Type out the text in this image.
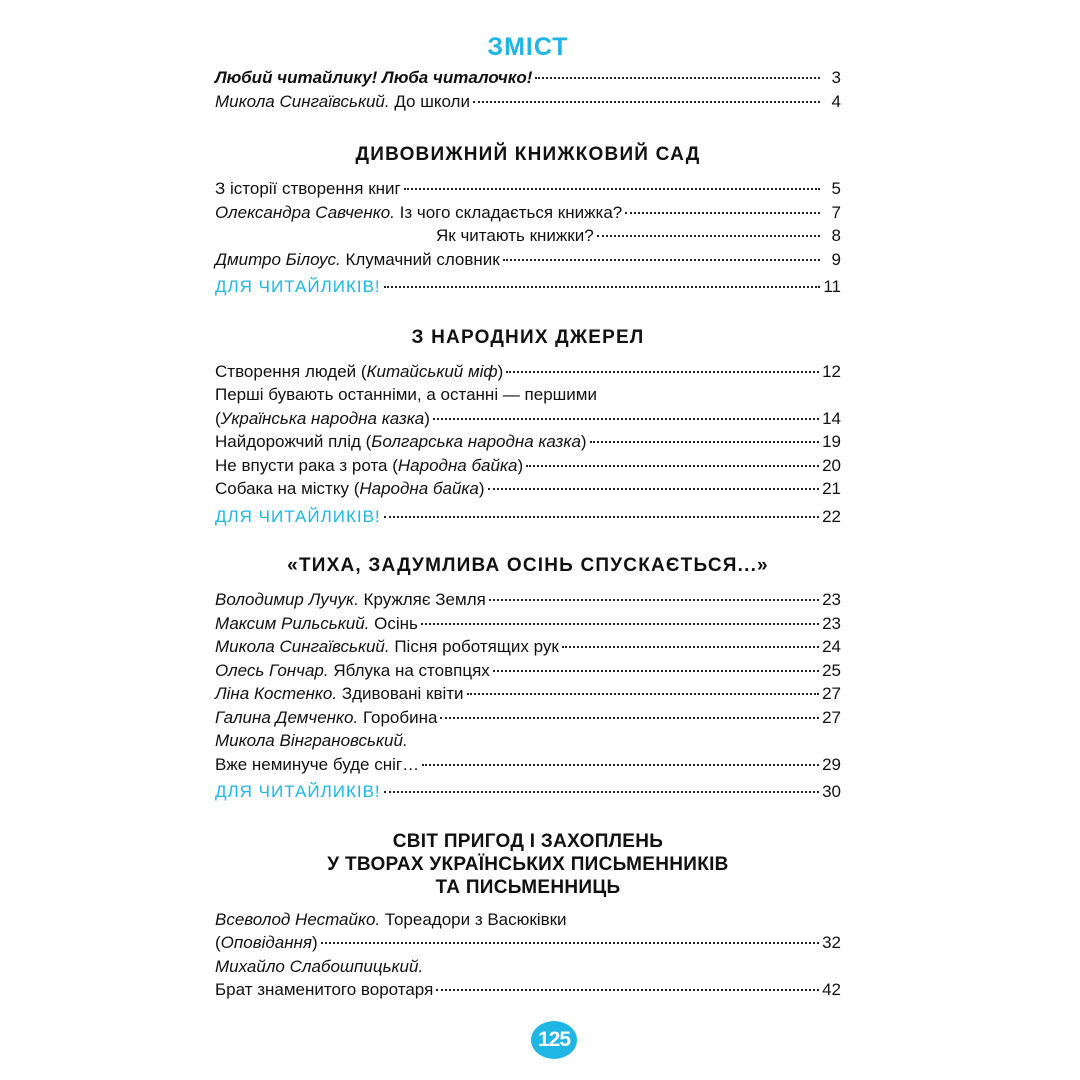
ЗМІСТ
Любий читайлику! Люба читалочко!	3
Микола Сингаївський. До школи	4
ДИВОВИЖНИЙ КНИЖКОВИЙ САД
З історії створення книг	5
Олександра Савченко. Із чого складається книжка?	7
Як читають книжки?	8
Дмитро Білоус. Клумачний словник	9
ДЛЯ ЧИТАЙЛИКІВ!	11
З НАРОДНИХ ДЖЕРЕЛ
Створення людей (Китайський міф)	12
Перші бувають останніми, а останні — першими
(Українська народна казка)	14
Найдорожчий плід (Болгарська народна казка)	19
Не впусти рака з рота (Народна байка)	20
Собака на містку (Народна байка)	21
ДЛЯ ЧИТАЙЛИКІВ!	22
«ТИХА, ЗАДУМЛИВА ОСІНЬ СПУСКАЄТЬСЯ...»
Володимир Лучук. Кружляє Земля	23
Максим Рильський. Осінь	23
Микола Сингаївський. Пісня роботящих рук	24
Олесь Гончар. Яблука на стовпцях	25
Ліна Костенко. Здивовані квіти	27
Галина Демченко. Горобина	27
Микола Вінграновський.
Вже неминуче буде сніг…	29
ДЛЯ ЧИТАЙЛИКІВ!	30
СВІТ ПРИГОД І ЗАХОПЛЕНЬ
У ТВОРАХ УКРАЇНСЬКИХ ПИСЬМЕННИКІВ
ТА ПИСЬМЕННИЦЬ
Всеволод Нестайко. Тореадори з Васюківки
(Оповідання)	32
Михайло Слабошпицький.
Брат знаменитого воротаря	42
125
